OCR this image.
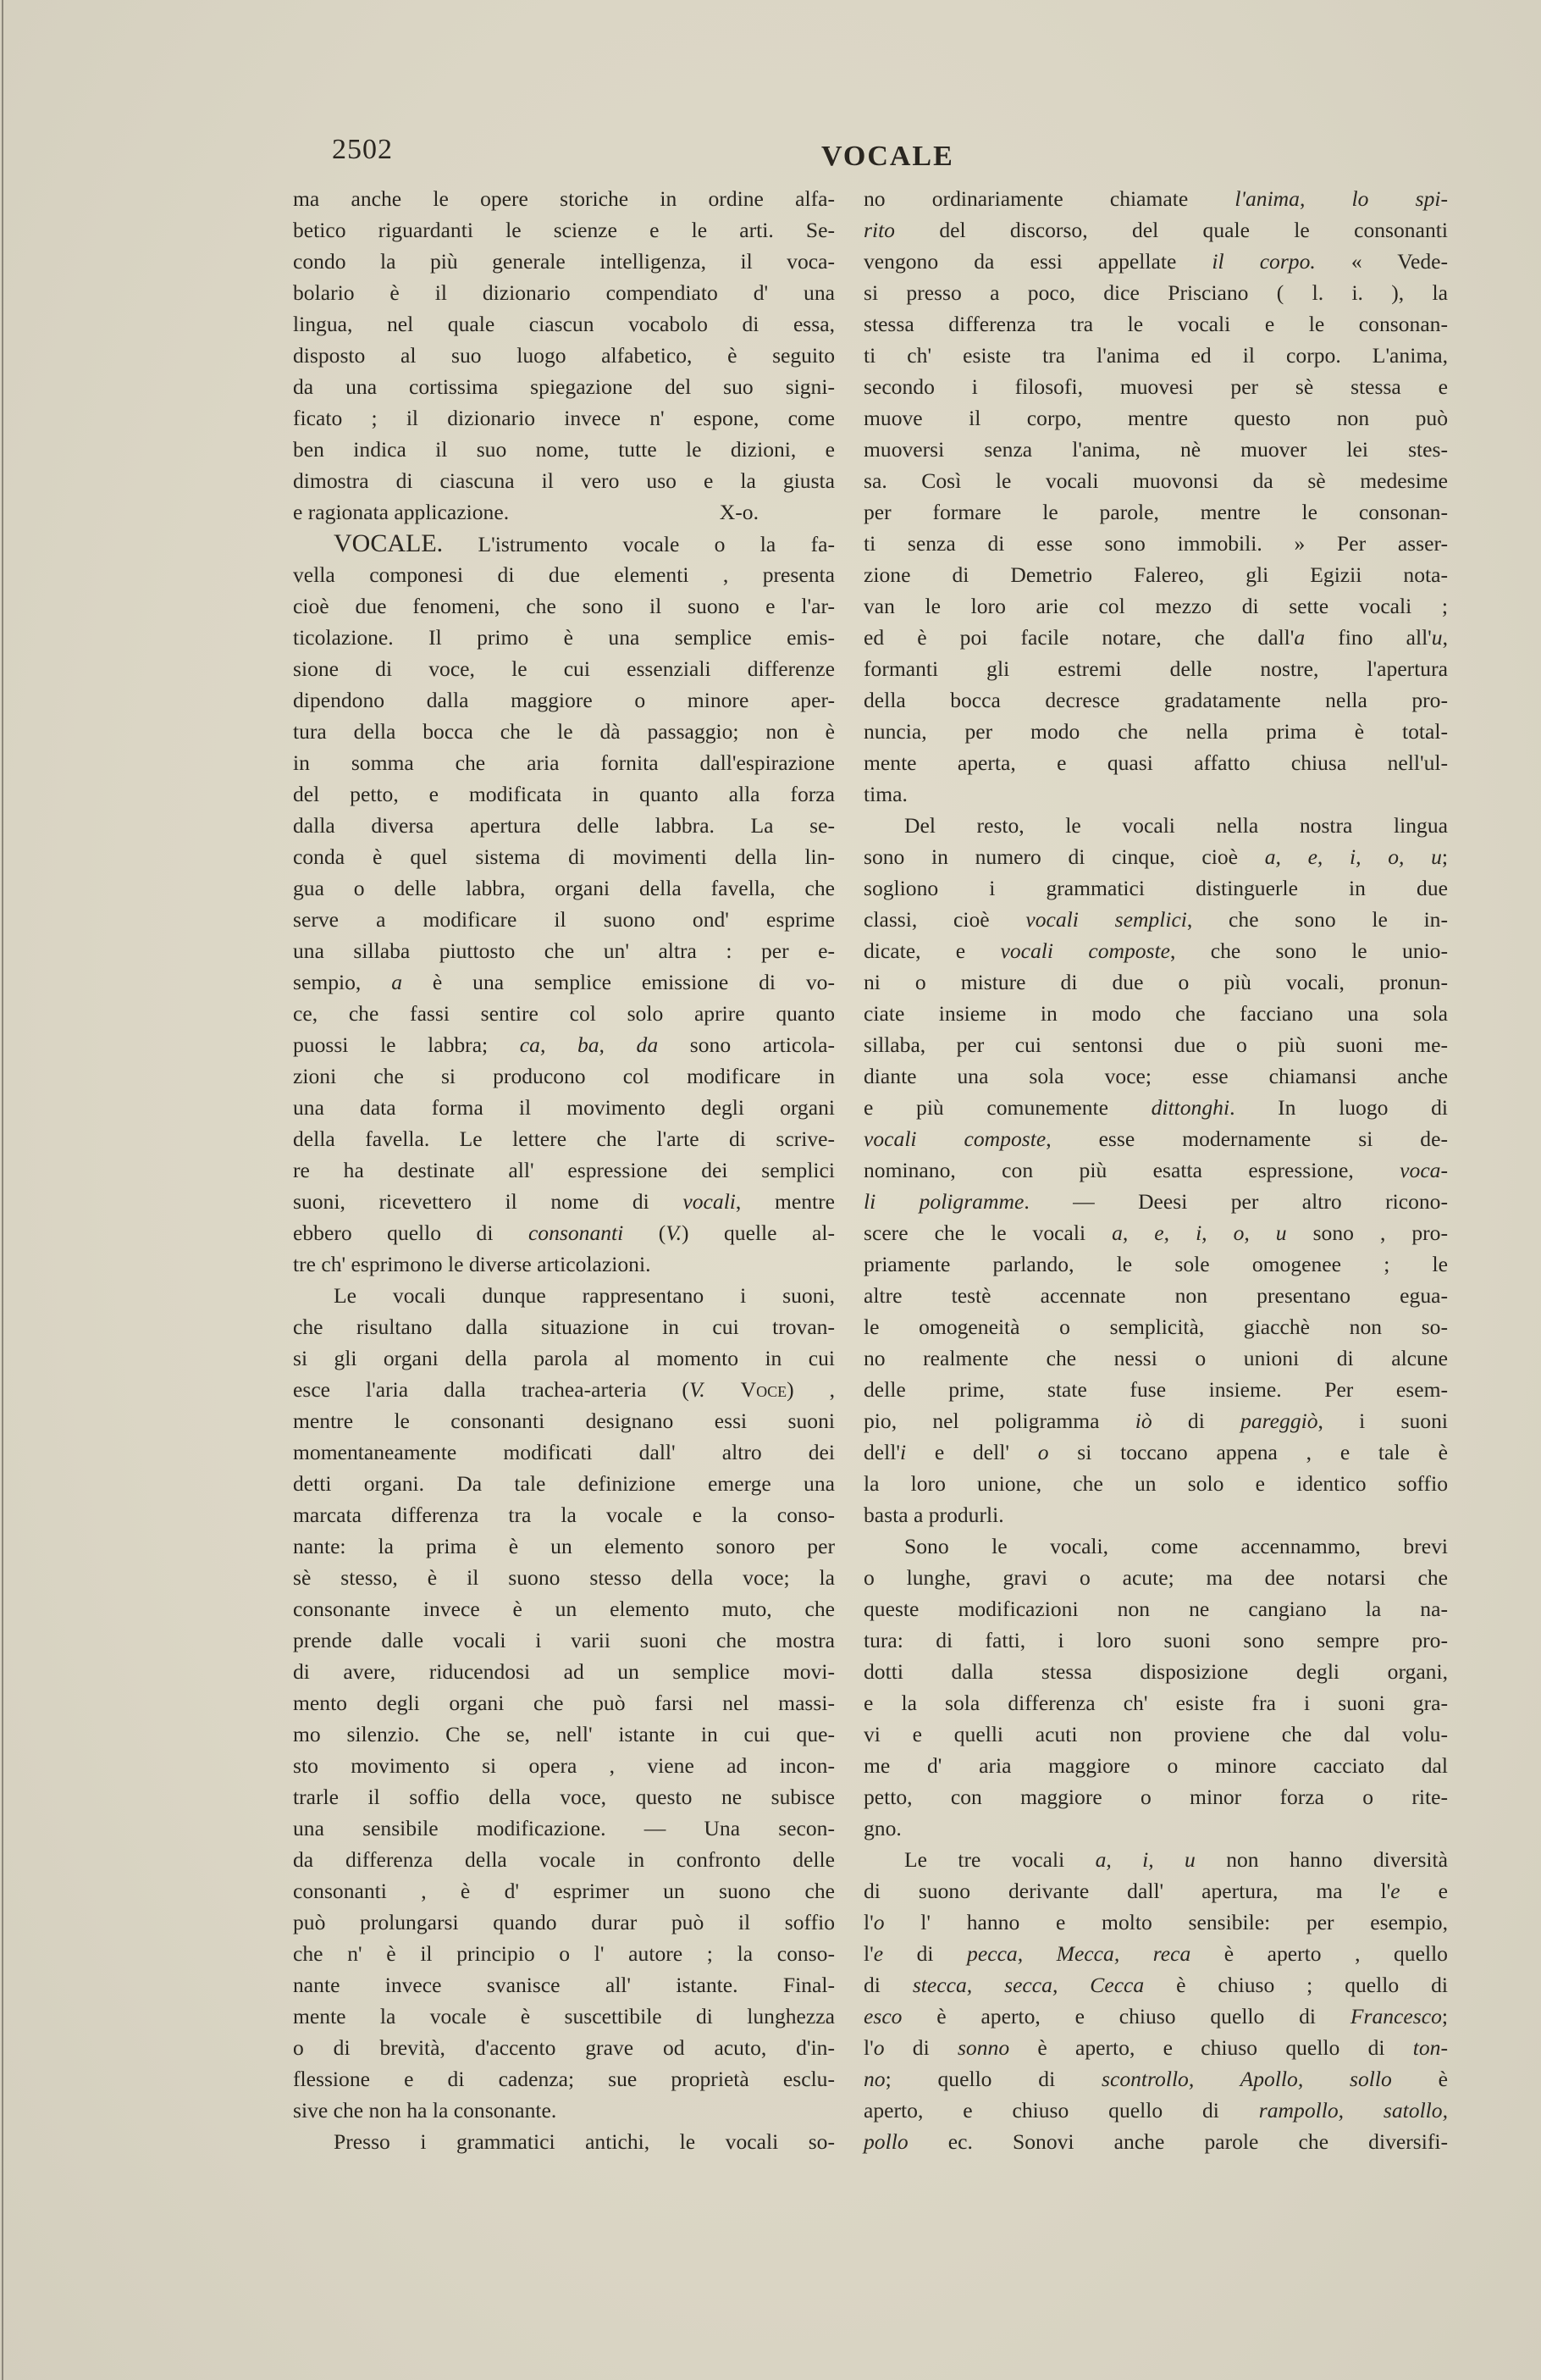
2502	VOCALE
ma anche le opere storiche in ordine alfa-
betico riguardanti le scienze e le arti. Se-
condo la più generale intelligenza, il voca-
bolario è il dizionario compendiato d' una
lingua, nel quale ciascun vocabolo di essa,
disposto al suo luogo alfabetico, è seguito
da una cortissima spiegazione del suo signi-
ficato ; il dizionario invece n' espone, come
ben indica il suo nome, tutte le dizioni, e
dimostra di ciascuna il vero uso e la giusta
X-o.
e ragionata applicazione.
VOCALE. L'istrumento vocale o la fa-
vella componesi di due elementi , presenta
cioè due fenomeni, che sono il suono e l'ar-
ticolazione. Il primo è una semplice emis-
sione di voce, le cui essenziali differenze
dipendono dalla maggiore o minore aper-
tura della bocca che le dà passaggio; non è
in somma che aria fornita dall'espirazione
del petto, e modificata in quanto alla forza
dalla diversa apertura delle labbra. La se-
conda è quel sistema di movimenti della lin-
gua o delle labbra, organi della favella, che
serve a modificare il suono ond' esprime
una sillaba piuttosto che un' altra : per e-
sempio, a è una semplice emissione di vo-
ce, che fassi sentire col solo aprire quanto
puossi le labbra; ca, ba, da sono articola-
zioni che si producono col modificare in
una data forma il movimento degli organi
della favella. Le lettere che l'arte di scrive-
re ha destinate all' espressione dei semplici
suoni, ricevettero il nome di vocali, mentre
ebbero quello di consonanti (V.) quelle al-
tre ch' esprimono le diverse articolazioni.
Le vocali dunque rappresentano i suoni,
che risultano dalla situazione in cui trovan-
si gli organi della parola al momento in cui
esce l'aria dalla trachea-arteria (V. Voce) ,
mentre le consonanti designano essi suoni
momentaneamente modificati dall' altro dei
detti organi. Da tale definizione emerge una
marcata differenza tra la vocale e la conso-
nante: la prima è un elemento sonoro per
sè stesso, è il suono stesso della voce; la
consonante invece è un elemento muto, che
prende dalle vocali i varii suoni che mostra
di avere, riducendosi ad un semplice movi-
mento degli organi che può farsi nel massi-
mo silenzio. Che se, nell' istante in cui que-
sto movimento si opera , viene ad incon-
trarle il soffio della voce, questo ne subisce
una sensibile modificazione. — Una secon-
da differenza della vocale in confronto delle
consonanti , è d' esprimer un suono che
può prolungarsi quando durar può il soffio
che n' è il principio o l' autore ; la conso-
nante invece svanisce all' istante. Final-
mente la vocale è suscettibile di lunghezza
o di brevità, d'accento grave od acuto, d'in-
flessione e di cadenza; sue proprietà esclu-
sive che non ha la consonante.
Presso i grammatici antichi, le vocali so-
no ordinariamente chiamate l'anima, lo spi-
rito del discorso, del quale le consonanti
vengono da essi appellate il corpo. « Vede-
si presso a poco, dice Prisciano ( l. i. ), la
stessa differenza tra le vocali e le consonan-
ti ch' esiste tra l'anima ed il corpo. L'anima,
secondo i filosofi, muovesi per sè stessa e
muove il corpo, mentre questo non può
muoversi senza l'anima, nè muover lei stes-
sa. Così le vocali muovonsi da sè medesime
per formare le parole, mentre le consonan-
ti senza di esse sono immobili. » Per asser-
zione di Demetrio Falereo, gli Egizii nota-
van le loro arie col mezzo di sette vocali ;
ed è poi facile notare, che dall'a fino all'u,
formanti gli estremi delle nostre, l'apertura
della bocca decresce gradatamente nella pro-
nuncia, per modo che nella prima è total-
mente aperta, e quasi affatto chiusa nell'ul-
tima.
Del resto, le vocali nella nostra lingua
sono in numero di cinque, cioè a, e, i, o, u;
sogliono i grammatici distinguerle in due
classi, cioè vocali semplici, che sono le in-
dicate, e vocali composte, che sono le unio-
ni o misture di due o più vocali, pronun-
ciate insieme in modo che facciano una sola
sillaba, per cui sentonsi due o più suoni me-
diante una sola voce; esse chiamansi anche
e più comunemente dittonghi. In luogo di
vocali composte, esse modernamente si de-
nominano, con più esatta espressione, voca-
li poligramme. — Deesi per altro ricono-
scere che le vocali a, e, i, o, u sono , pro-
priamente parlando, le sole omogenee ; le
altre testè accennate non presentano egua-
le omogeneità o semplicità, giacchè non so-
no realmente che nessi o unioni di alcune
delle prime, state fuse insieme. Per esem-
pio, nel poligramma iò di pareggiò, i suoni
dell'i e dell' o si toccano appena , e tale è
la loro unione, che un solo e identico soffio
basta a produrli.
Sono le vocali, come accennammo, brevi
o lunghe, gravi o acute; ma dee notarsi che
queste modificazioni non ne cangiano la na-
tura: di fatti, i loro suoni sono sempre pro-
dotti dalla stessa disposizione degli organi,
e la sola differenza ch' esiste fra i suoni gra-
vi e quelli acuti non proviene che dal volu-
me d' aria maggiore o minore cacciato dal
petto, con maggiore o minor forza o rite-
gno.
Le tre vocali a, i, u non hanno diversità
di suono derivante dall' apertura, ma l'e e
l'o l' hanno e molto sensibile: per esempio,
l'e di pecca, Mecca, reca è aperto , quello
di stecca, secca, Cecca è chiuso ; quello di
esco è aperto, e chiuso quello di Francesco;
l'o di sonno è aperto, e chiuso quello di ton-
no; quello di scontrollo, Apollo, sollo è
aperto, e chiuso quello di rampollo, satollo,
pollo ec. Sonovi anche parole che diversifi-
